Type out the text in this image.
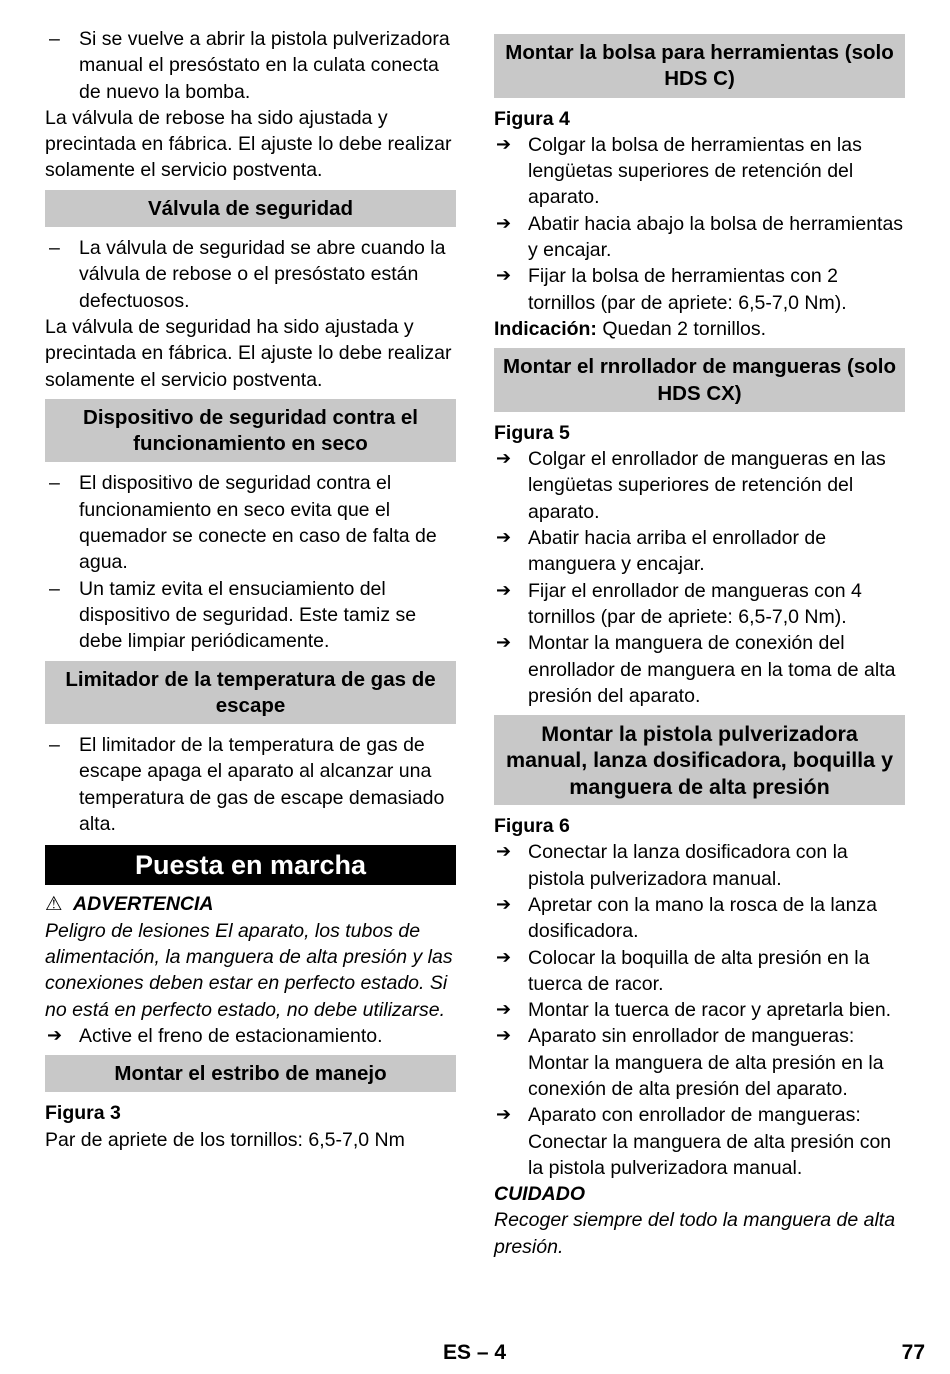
– Si se vuelve a abrir la pistola pulverizadora manual el presóstato en la culata conecta de nuevo la bomba.

La válvula de rebose ha sido ajustada y precintada en fábrica. El ajuste lo debe realizar solamente el servicio postventa.

Válvula de seguridad

– La válvula de seguridad se abre cuando la válvula de rebose o el presóstato están defectuosos.

La válvula de seguridad ha sido ajustada y precintada en fábrica. El ajuste lo debe realizar solamente el servicio postventa.

Dispositivo de seguridad contra el funcionamiento en seco

– El dispositivo de seguridad contra el funcionamiento en seco evita que el quemador se conecte en caso de falta de agua.

– Un tamiz evita el ensuciamiento del dispositivo de seguridad. Este tamiz se debe limpiar periódicamente.

Limitador de la temperatura de gas de escape

– El limitador de la temperatura de gas de escape apaga el aparato al alcanzar una temperatura de gas de escape demasiado alta.

Puesta en marcha

⚠ ADVERTENCIA

Peligro de lesiones El aparato, los tubos de alimentación, la manguera de alta presión y las conexiones deben estar en perfecto estado. Si no está en perfecto estado, no debe utilizarse.

➔ Active el freno de estacionamiento.

Montar el estribo de manejo

Figura 3

Par de apriete de los tornillos: 6,5-7,0 Nm

Montar la bolsa para herramientas (solo HDS C)

Figura 4

➔ Colgar la bolsa de herramientas en las lengüetas superiores de retención del aparato.

➔ Abatir hacia abajo la bolsa de herramientas y encajar.

➔ Fijar la bolsa de herramientas con 2 tornillos (par de apriete: 6,5-7,0 Nm).

Indicación: Quedan 2 tornillos.

Montar el rnrollador de mangueras (solo HDS CX)

Figura 5

➔ Colgar el enrollador de mangueras en las lengüetas superiores de retención del aparato.

➔ Abatir hacia arriba el enrollador de manguera y encajar.

➔ Fijar el enrollador de mangueras con 4 tornillos (par de apriete: 6,5-7,0 Nm).

➔ Montar la manguera de conexión del enrollador de manguera en la toma de alta presión del aparato.

Montar la pistola pulverizadora manual, lanza dosificadora, boquilla y manguera de alta presión

Figura 6

➔ Conectar la lanza dosificadora con la pistola pulverizadora manual.

➔ Apretar con la mano la rosca de la lanza dosificadora.

➔ Colocar la boquilla de alta presión en la tuerca de racor.

➔ Montar la tuerca de racor y apretarla bien.

➔ Aparato sin enrollador de mangueras: Montar la manguera de alta presión en la conexión de alta presión del aparato.

➔ Aparato con enrollador de mangueras: Conectar la manguera de alta presión con la pistola pulverizadora manual.

CUIDADO

Recoger siempre del todo la manguera de alta presión.

ES – 4	77
